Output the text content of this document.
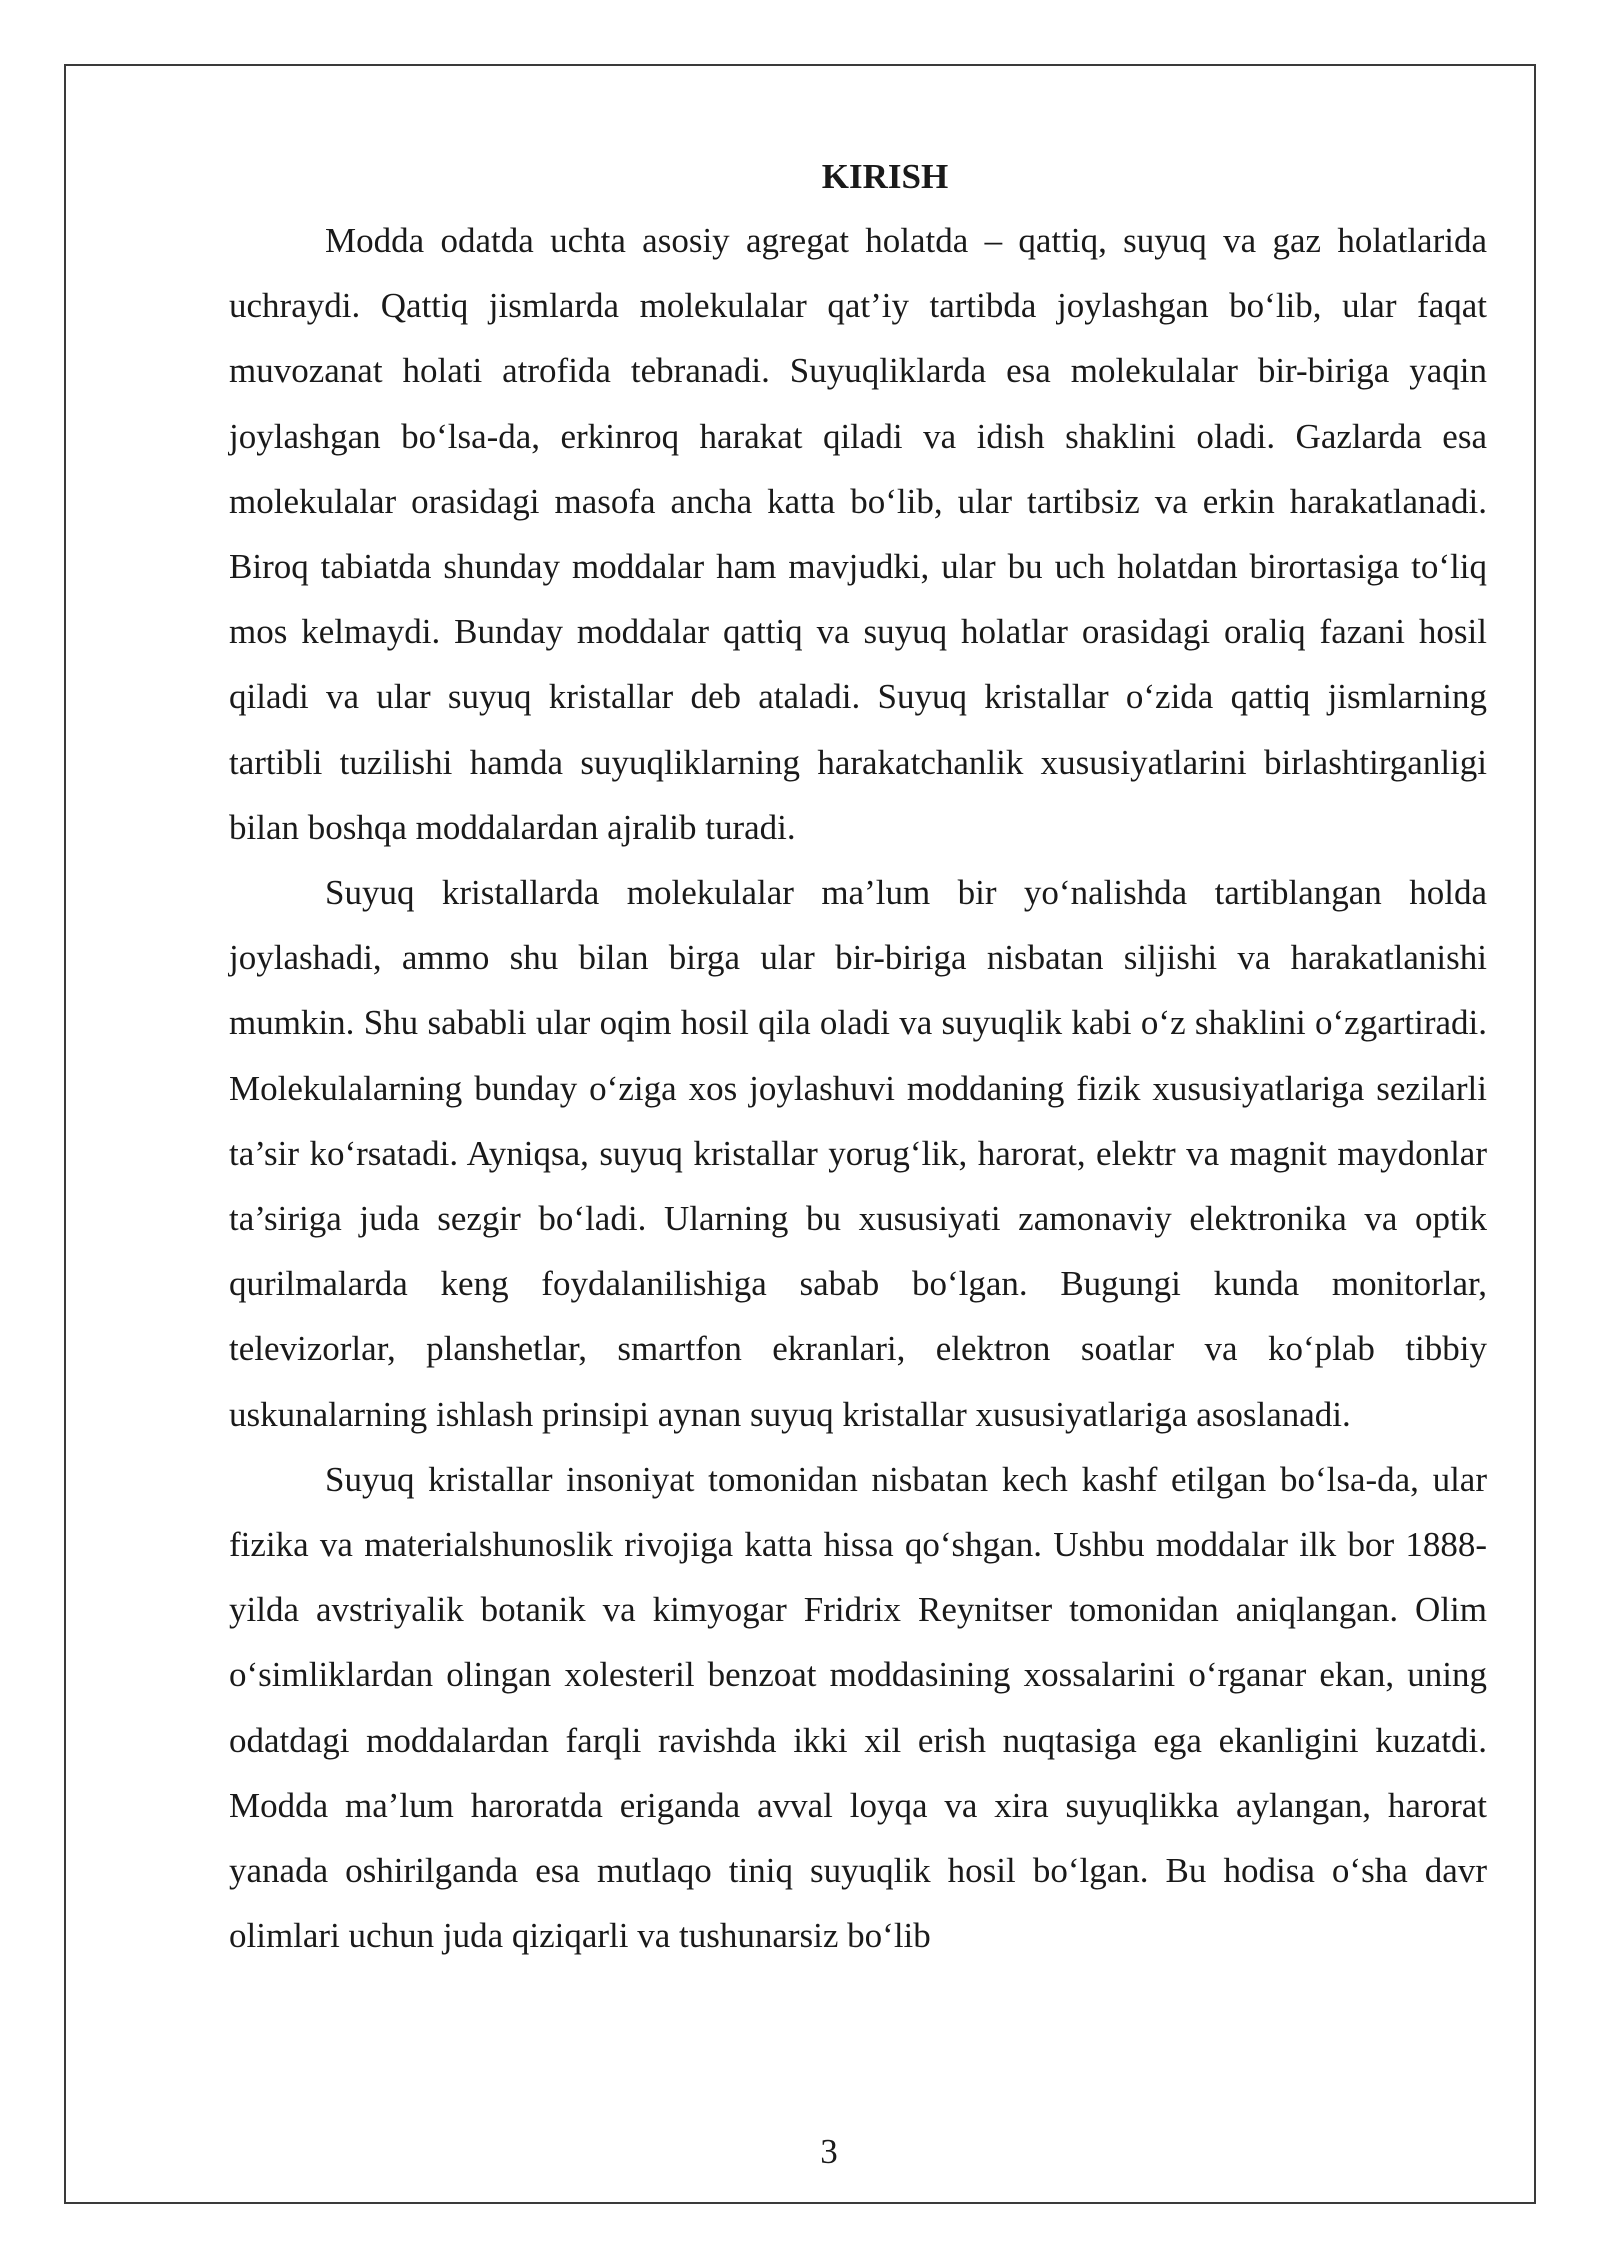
KIRISH

Modda odatda uchta asosiy agregat holatda – qattiq, suyuq va gaz holatlarida uchraydi. Qattiq jismlarda molekulalar qat’iy tartibda joylashgan bo‘lib, ular faqat muvozanat holati atrofida tebranadi. Suyuqliklarda esa molekulalar bir-biriga yaqin joylashgan bo‘lsa-da, erkinroq harakat qiladi va idish shaklini oladi. Gazlarda esa molekulalar orasidagi masofa ancha katta bo‘lib, ular tartibsiz va erkin harakatlanadi. Biroq tabiatda shunday moddalar ham mavjudki, ular bu uch holatdan birortasiga to‘liq mos kelmaydi. Bunday moddalar qattiq va suyuq holatlar orasidagi oraliq fazani hosil qiladi va ular suyuq kristallar deb ataladi. Suyuq kristallar o‘zida qattiq jismlarning tartibli tuzilishi hamda suyuqliklarning harakatchanlik xususiyatlarini birlashtirganligi bilan boshqa moddalardan ajralib turadi.

Suyuq kristallarda molekulalar ma’lum bir yo‘nalishda tartiblangan holda joylashadi, ammo shu bilan birga ular bir-biriga nisbatan siljishi va harakatlanishi mumkin. Shu sababli ular oqim hosil qila oladi va suyuqlik kabi o‘z shaklini o‘zgartiradi. Molekulalarning bunday o‘ziga xos joylashuvi moddaning fizik xususiyatlariga sezilarli ta’sir ko‘rsatadi. Ayniqsa, suyuq kristallar yorug‘lik, harorat, elektr va magnit maydonlar ta’siriga juda sezgir bo‘ladi. Ularning bu xususiyati zamonaviy elektronika va optik qurilmalarda keng foydalanilishiga sabab bo‘lgan. Bugungi kunda monitorlar, televizorlar, planshetlar, smartfon ekranlari, elektron soatlar va ko‘plab tibbiy uskunalarning ishlash prinsipi aynan suyuq kristallar xususiyatlariga asoslanadi.

Suyuq kristallar insoniyat tomonidan nisbatan kech kashf etilgan bo‘lsa-da, ular fizika va materialshunoslik rivojiga katta hissa qo‘shgan. Ushbu moddalar ilk bor 1888-yilda avstriyalik botanik va kimyogar Fridrix Reynitser tomonidan aniqlangan. Olim o‘simliklardan olingan xolesteril benzoat moddasining xossalarini o‘rganar ekan, uning odatdagi moddalardan farqli ravishda ikki xil erish nuqtasiga ega ekanligini kuzatdi. Modda ma’lum haroratda eriganda avval loyqa va xira suyuqlikka aylangan, harorat yanada oshirilganda esa mutlaqo tiniq suyuqlik hosil bo‘lgan. Bu hodisa o‘sha davr olimlari uchun juda qiziqarli va tushunarsiz bo‘lib

3
